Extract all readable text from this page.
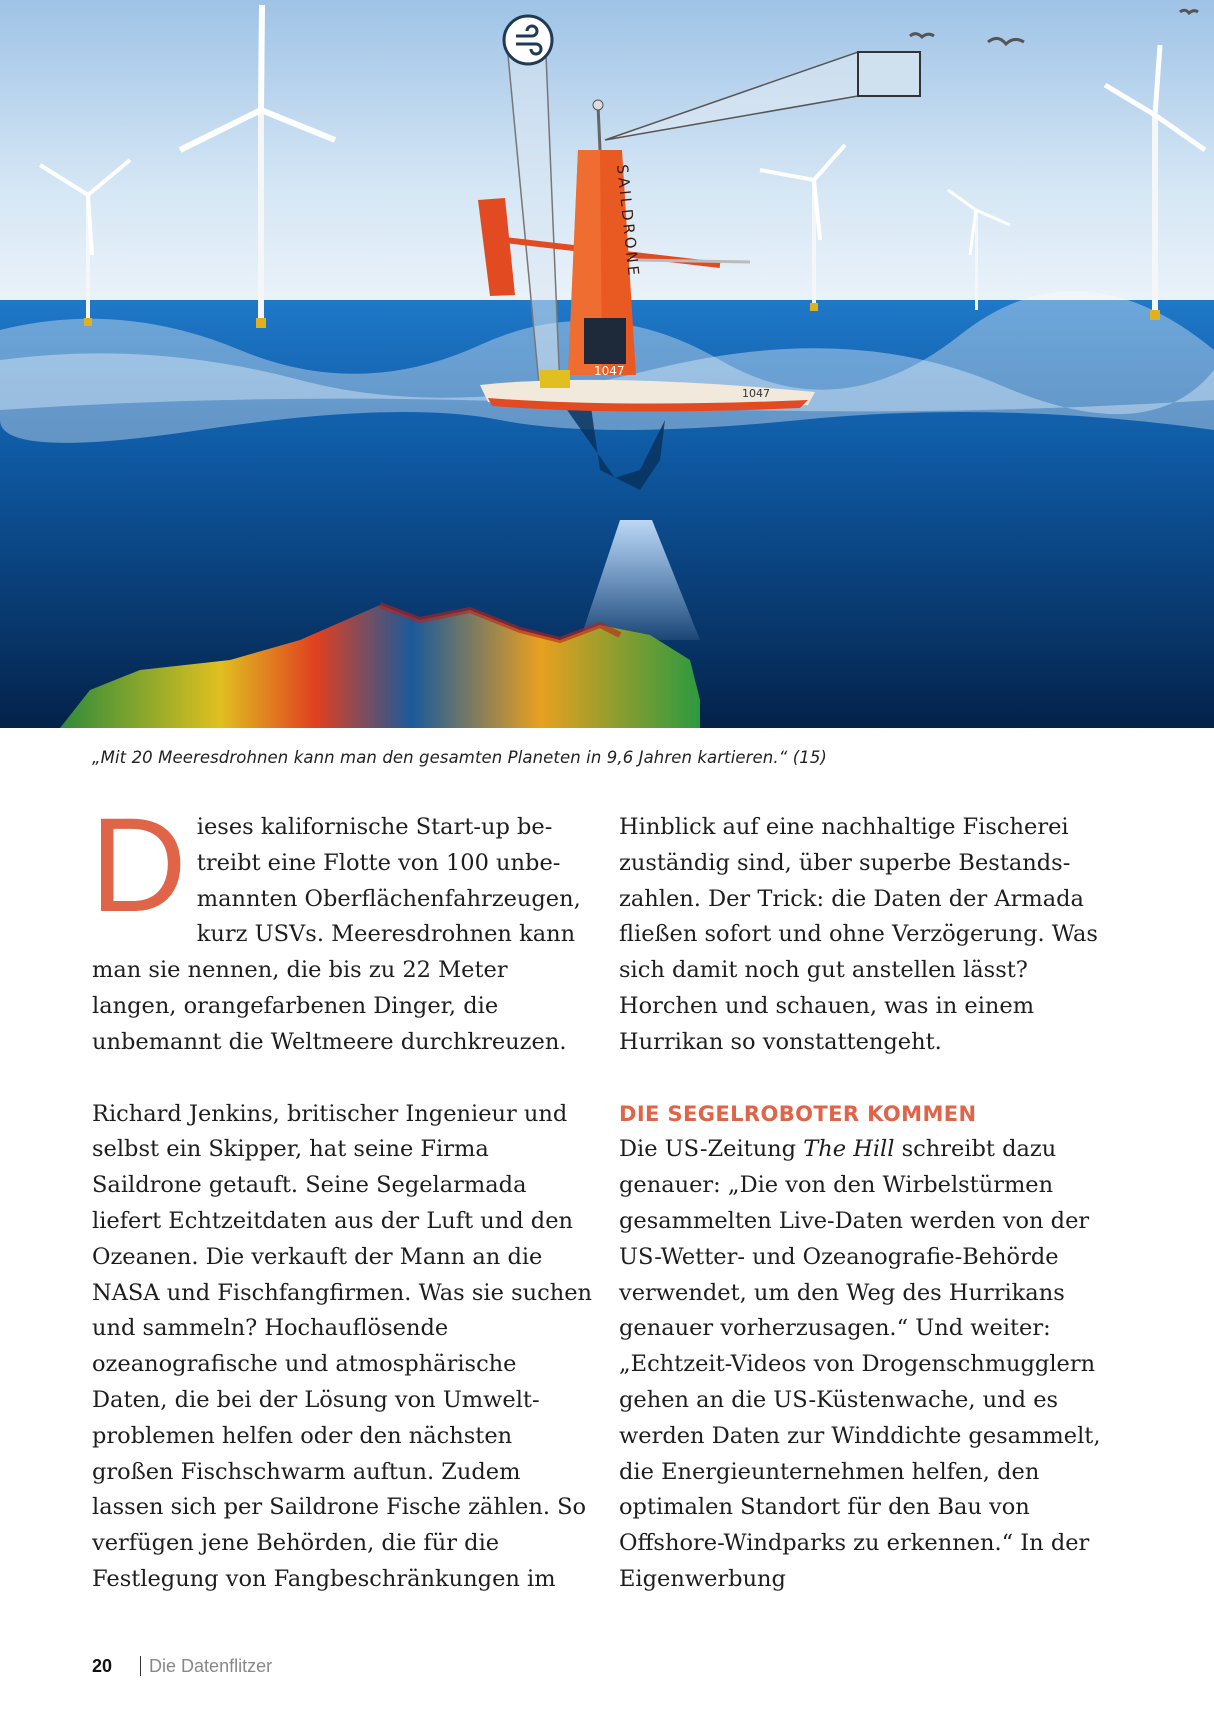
SAILDRONE
1047
1047
„Mit 20 Meeresdrohnen kann man den gesamten Planeten in 9,6 Jahren kartieren.“ (15)

Dieses kalifornische Start-up betreibt eine Flotte von 100 unbemannten Oberflächenfahrzeugen, kurz USVs. Meeresdrohnen kann man sie nennen, die bis zu 22 Meter langen, orangefarbenen Dinger, die unbemannt die Weltmeere durchkreuzen.

Richard Jenkins, britischer Ingenieur und selbst ein Skipper, hat seine Firma Saildrone getauft. Seine Segelarmada liefert Echtzeitdaten aus der Luft und den Ozeanen. Die verkauft der Mann an die NASA und Fischfangfirmen. Was sie suchen und sammeln? Hochauflösende ozeanografische und atmosphärische Daten, die bei der Lösung von Umweltproblemen helfen oder den nächsten großen Fischschwarm auftun. Zudem lassen sich per Saildrone Fische zählen. So verfügen jene Behörden, die für die Festlegung von Fangbeschränkungen im

Hinblick auf eine nachhaltige Fischerei zuständig sind, über superbe Bestandszahlen. Der Trick: die Daten der Armada fließen sofort und ohne Verzögerung. Was sich damit noch gut anstellen lässt? Horchen und schauen, was in einem Hurrikan so vonstattengeht.

DIE SEGELROBOTER KOMMEN

Die US-Zeitung The Hill schreibt dazu genauer: „Die von den Wirbelstürmen gesammelten Live-Daten werden von der US-Wetter- und Ozeanografie-Behörde verwendet, um den Weg des Hurrikans genauer vorherzusagen.“ Und weiter: „Echtzeit-Videos von Drogenschmugglern gehen an die US-Küstenwache, und es werden Daten zur Winddichte gesammelt, die Energieunternehmen helfen, den optimalen Standort für den Bau von Offshore-Windparks zu erkennen.“ In der Eigenwerbung

20 Die Datenflitzer
